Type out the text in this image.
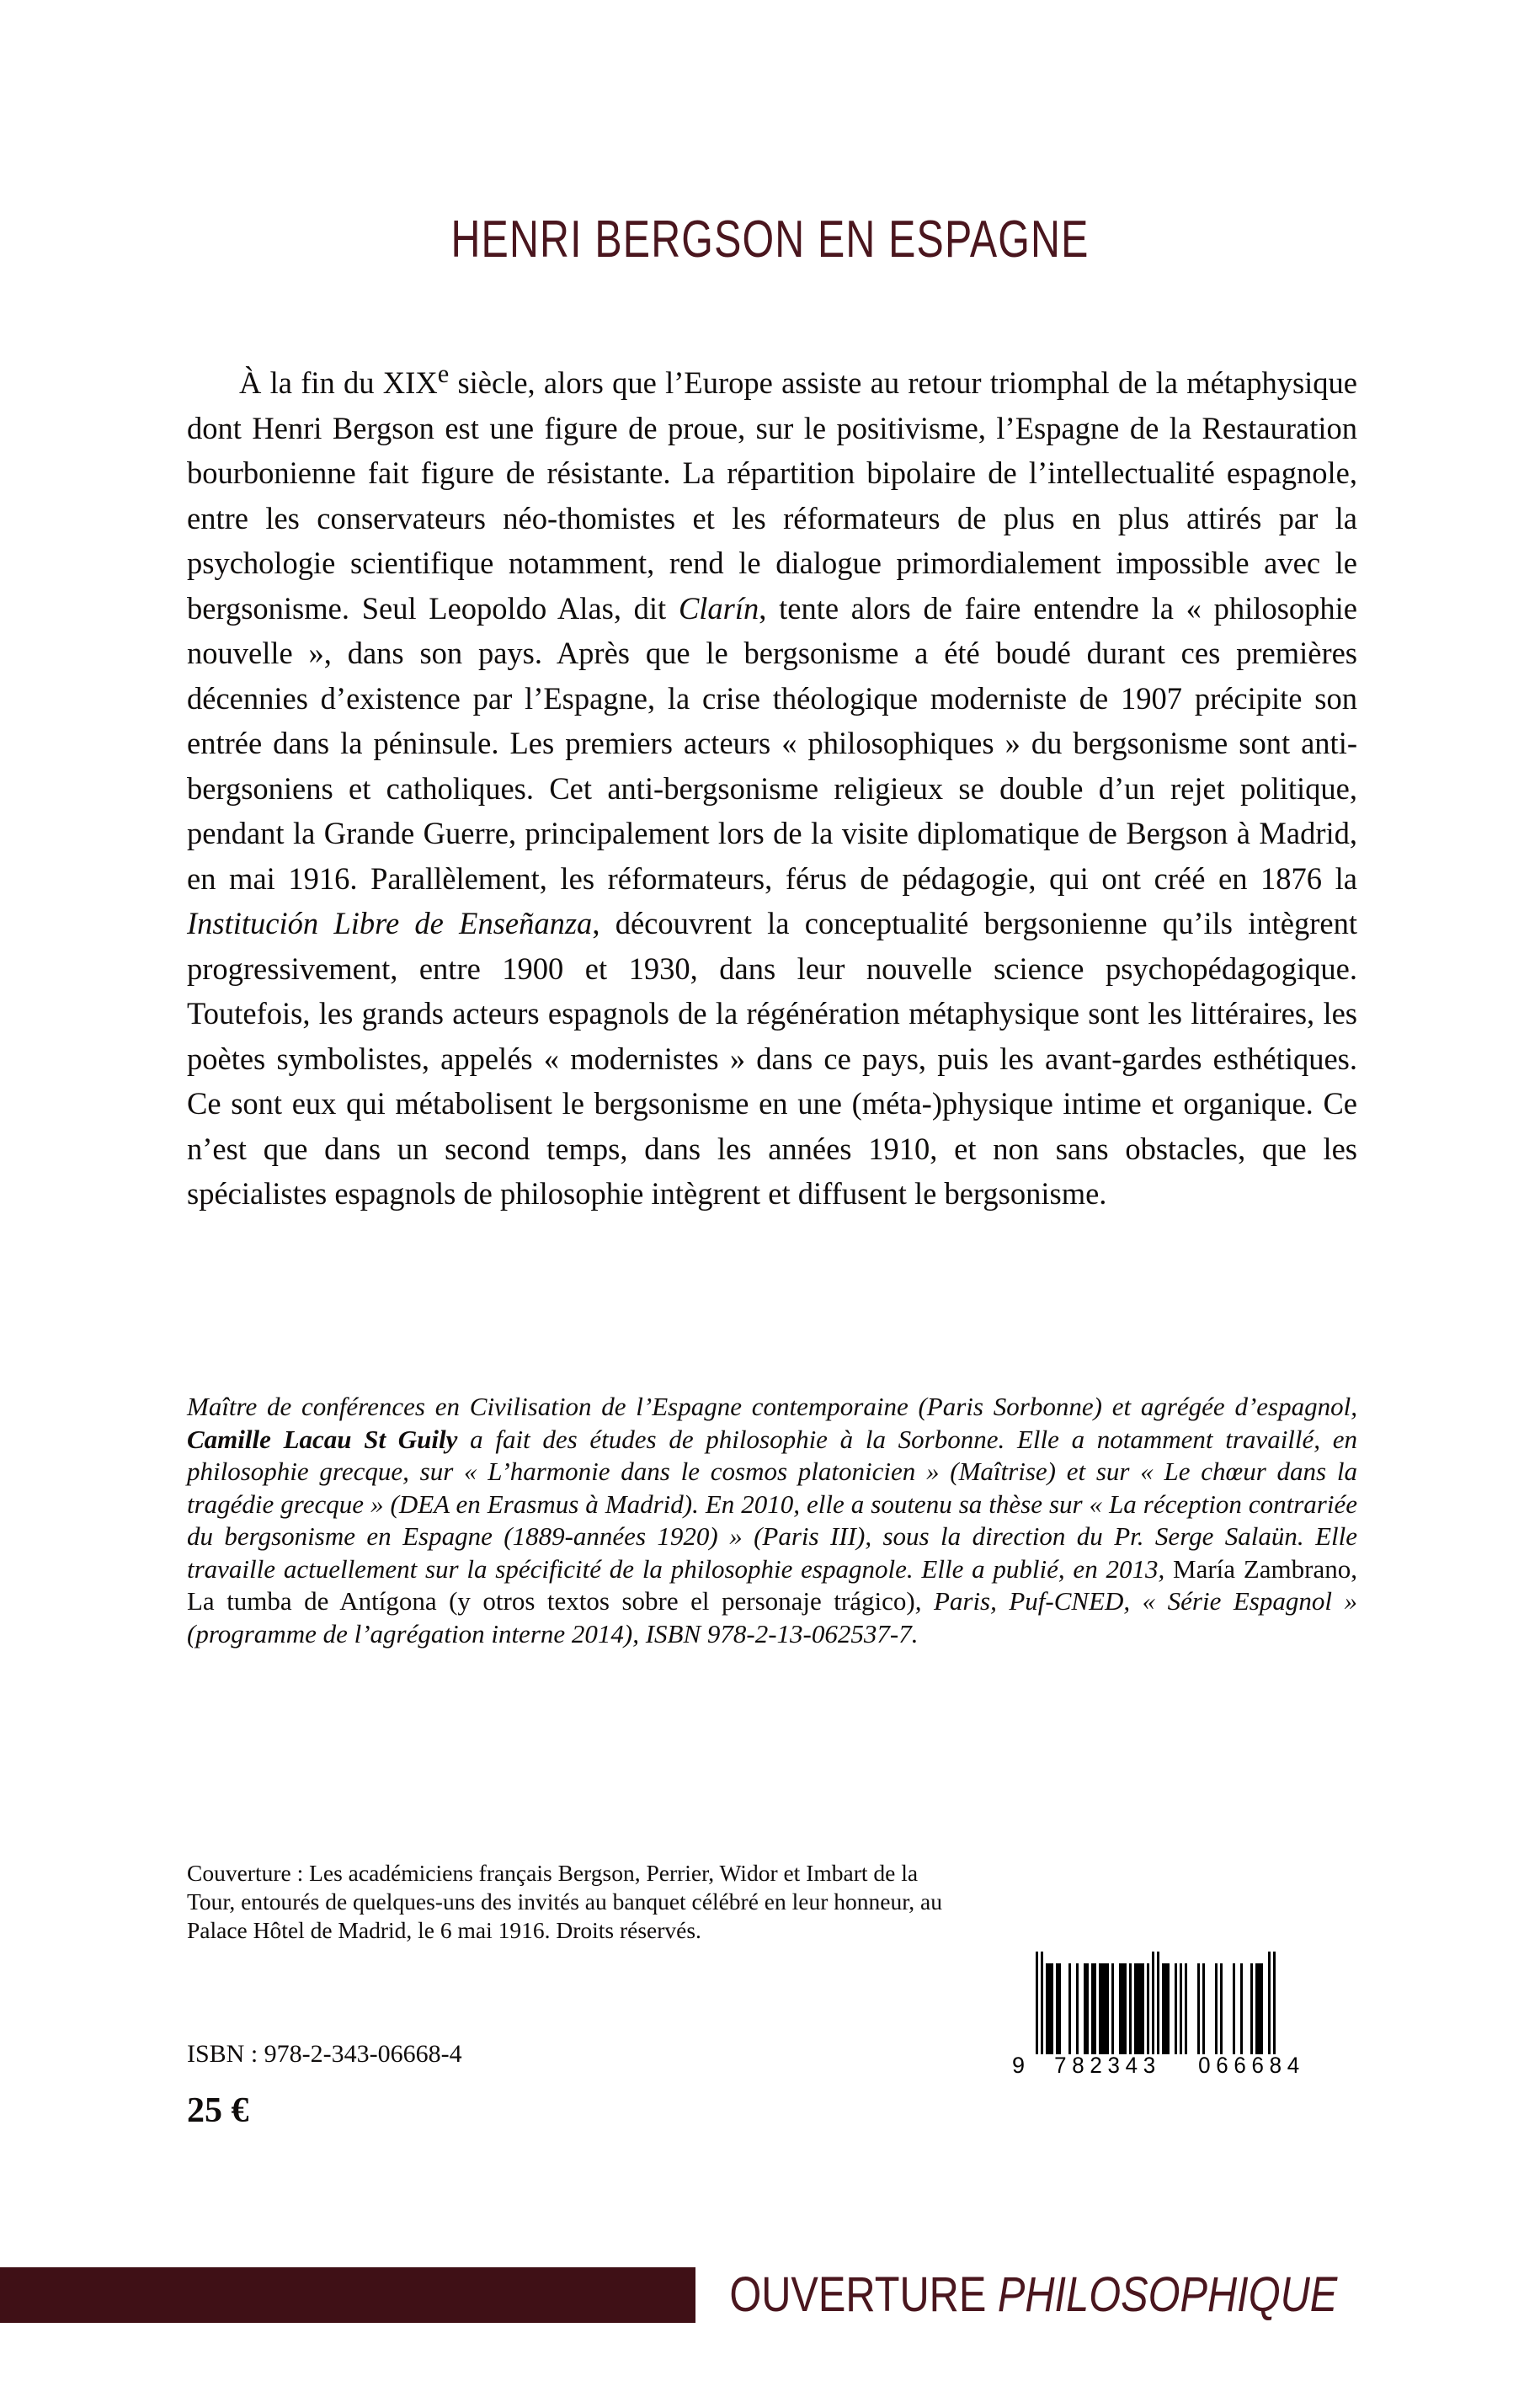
HENRI BERGSON EN ESPAGNE
À la fin du XIXe siècle, alors que l’Europe assiste au retour triomphal de la métaphysique dont Henri Bergson est une figure de proue, sur le positivisme, l’Espagne de la Restauration bourbonienne fait figure de résistante. La répartition bipolaire de l’intellectualité espagnole, entre les conservateurs néo-thomistes et les réformateurs de plus en plus attirés par la psychologie scientifique notamment, rend le dialogue primordialement impossible avec le bergsonisme. Seul Leopoldo Alas, dit Clarín, tente alors de faire entendre la « philosophie nouvelle », dans son pays. Après que le bergsonisme a été boudé durant ces premières décennies d’existence par l’Espagne, la crise théologique moderniste de 1907 précipite son entrée dans la péninsule. Les premiers acteurs « philosophiques » du bergsonisme sont anti-bergsoniens et catholiques. Cet anti-bergsonisme religieux se double d’un rejet politique, pendant la Grande Guerre, principalement lors de la visite diplomatique de Bergson à Madrid, en mai 1916. Parallèlement, les réformateurs, férus de pédagogie, qui ont créé en 1876 la Institución Libre de Enseñanza, découvrent la conceptualité bergsonienne qu’ils intègrent progressivement, entre 1900 et 1930, dans leur nouvelle science psychopédagogique. Toutefois, les grands acteurs espagnols de la régénération métaphysique sont les littéraires, les poètes symbolistes, appelés « modernistes » dans ce pays, puis les avant-gardes esthétiques. Ce sont eux qui métabolisent le bergsonisme en une (méta-)physique intime et organique. Ce n’est que dans un second temps, dans les années 1910, et non sans obstacles, que les spécialistes espagnols de philosophie intègrent et diffusent le bergsonisme.
Maître de conférences en Civilisation de l’Espagne contemporaine (Paris Sorbonne) et agrégée d’espagnol, Camille Lacau St Guily a fait des études de philosophie à la Sorbonne. Elle a notamment travaillé, en philosophie grecque, sur « L’harmonie dans le cosmos platonicien » (Maîtrise) et sur « Le chœur dans la tragédie grecque » (DEA en Erasmus à Madrid). En 2010, elle a soutenu sa thèse sur « La réception contrariée du bergsonisme en Espagne (1889-années 1920) » (Paris III), sous la direction du Pr. Serge Salaün. Elle travaille actuellement sur la spécificité de la philosophie espagnole. Elle a publié, en 2013, María Zambrano, La tumba de Antígona (y otros textos sobre el personaje trágico), Paris, Puf-CNED, « Série Espagnol » (programme de l’agrégation interne 2014), ISBN 978-2-13-062537-7.
Couverture : Les académiciens français Bergson, Perrier, Widor et Imbart de la Tour, entourés de quelques-uns des invités au banquet célébré en leur honneur, au Palace Hôtel de Madrid, le 6 mai 1916. Droits réservés.
ISBN : 978-2-343-06668-4
25 €
9	782343	066684
OUVERTURE PHILOSOPHIQUE
